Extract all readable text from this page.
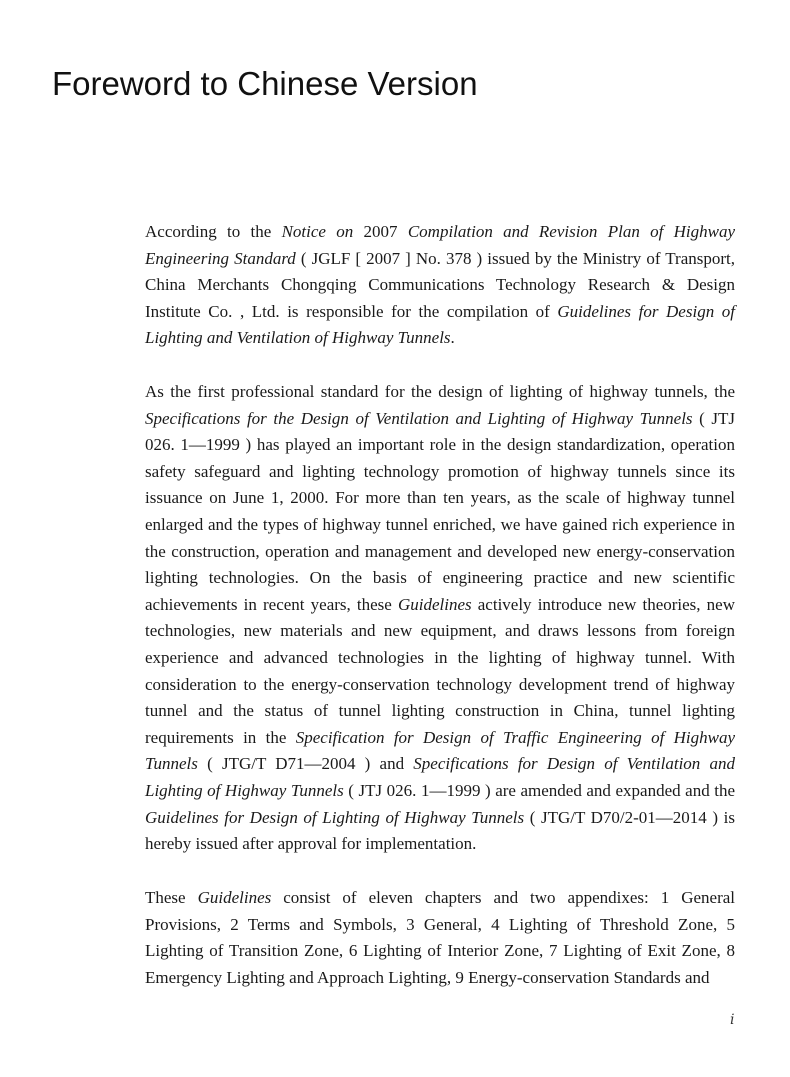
Foreword to Chinese Version

According to the Notice on 2007 Compilation and Revision Plan of Highway Engineering Standard ( JGLF [ 2007 ] No. 378 ) issued by the Ministry of Transport, China Merchants Chongqing Communications Technology Research & Design Institute Co. , Ltd. is responsible for the compilation of Guidelines for Design of Lighting and Ventilation of Highway Tunnels.

As the first professional standard for the design of lighting of highway tunnels, the Specifications for the Design of Ventilation and Lighting of Highway Tunnels ( JTJ 026. 1—1999 ) has played an important role in the design standardization, operation safety safeguard and lighting technology promotion of highway tunnels since its issuance on June 1, 2000. For more than ten years, as the scale of highway tunnel enlarged and the types of highway tunnel enriched, we have gained rich experience in the construction, operation and management and developed new energy-conservation lighting technologies. On the basis of engineering practice and new scientific achievements in recent years, these Guidelines actively introduce new theories, new technologies, new materials and new equipment, and draws lessons from foreign experience and advanced technologies in the lighting of highway tunnel. With consideration to the energy-conservation technology development trend of highway tunnel and the status of tunnel lighting construction in China, tunnel lighting requirements in the Specification for Design of Traffic Engineering of Highway Tunnels ( JTG/T D71—2004 ) and Specifications for Design of Ventilation and Lighting of Highway Tunnels ( JTJ 026. 1—1999 ) are amended and expanded and the Guidelines for Design of Lighting of Highway Tunnels ( JTG/T D70/2-01—2014 ) is hereby issued after approval for implementation.

These Guidelines consist of eleven chapters and two appendixes: 1 General Provisions, 2 Terms and Symbols, 3 General, 4 Lighting of Threshold Zone, 5 Lighting of Transition Zone, 6 Lighting of Interior Zone, 7 Lighting of Exit Zone, 8 Emergency Lighting and Approach Lighting, 9 Energy-conservation Standards and

i
